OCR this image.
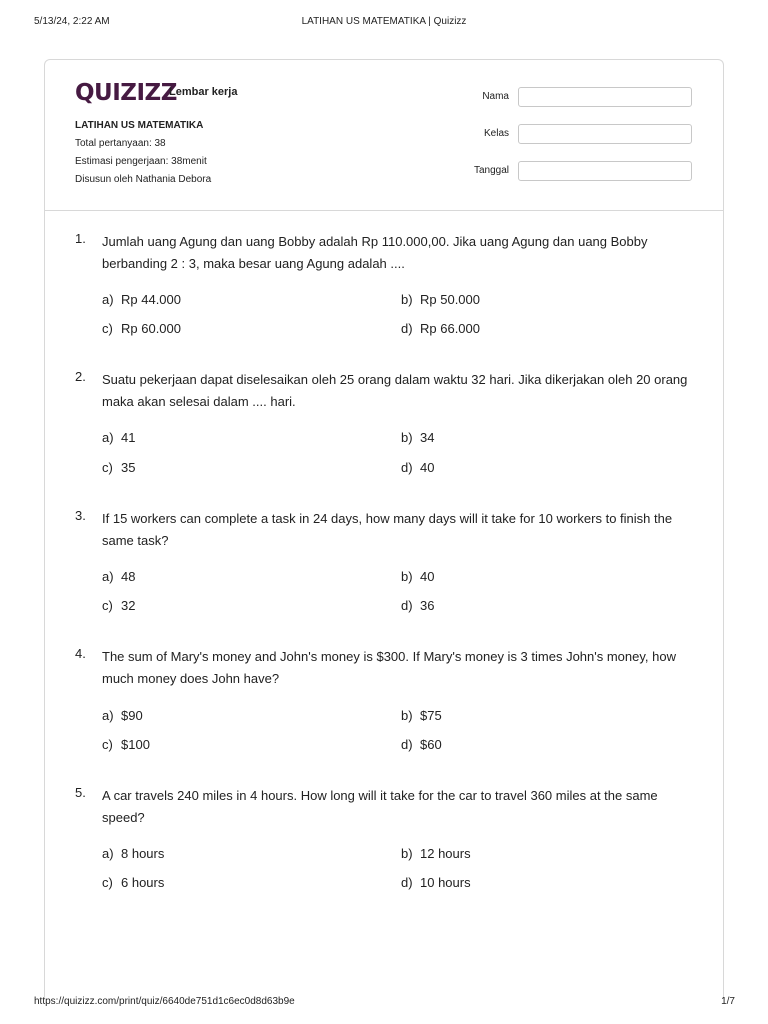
5/13/24, 2:22 AM	LATIHAN US MATEMATIKA | Quizizz
QUIZIZZ
Lembar kerja
LATIHAN US MATEMATIKA
Total pertanyaan: 38
Estimasi pengerjaan: 38menit
Disusun oleh Nathania Debora
Nama
Kelas
Tanggal
1. Jumlah uang Agung dan uang Bobby adalah Rp 110.000,00. Jika uang Agung dan uang Bobby berbanding 2 : 3, maka besar uang Agung adalah ....
a) Rp 44.000	b) Rp 50.000
c) Rp 60.000	d) Rp 66.000
2. Suatu pekerjaan dapat diselesaikan oleh 25 orang dalam waktu 32 hari. Jika dikerjakan oleh 20 orang maka akan selesai dalam .... hari.
a) 41	b) 34
c) 35	d) 40
3. If 15 workers can complete a task in 24 days, how many days will it take for 10 workers to finish the same task?
a) 48	b) 40
c) 32	d) 36
4. The sum of Mary's money and John's money is $300. If Mary's money is 3 times John's money, how much money does John have?
a) $90	b) $75
c) $100	d) $60
5. A car travels 240 miles in 4 hours. How long will it take for the car to travel 360 miles at the same speed?
a) 8 hours	b) 12 hours
c) 6 hours	d) 10 hours
https://quizizz.com/print/quiz/6640de751d1c6ec0d8d63b9e	1/7
